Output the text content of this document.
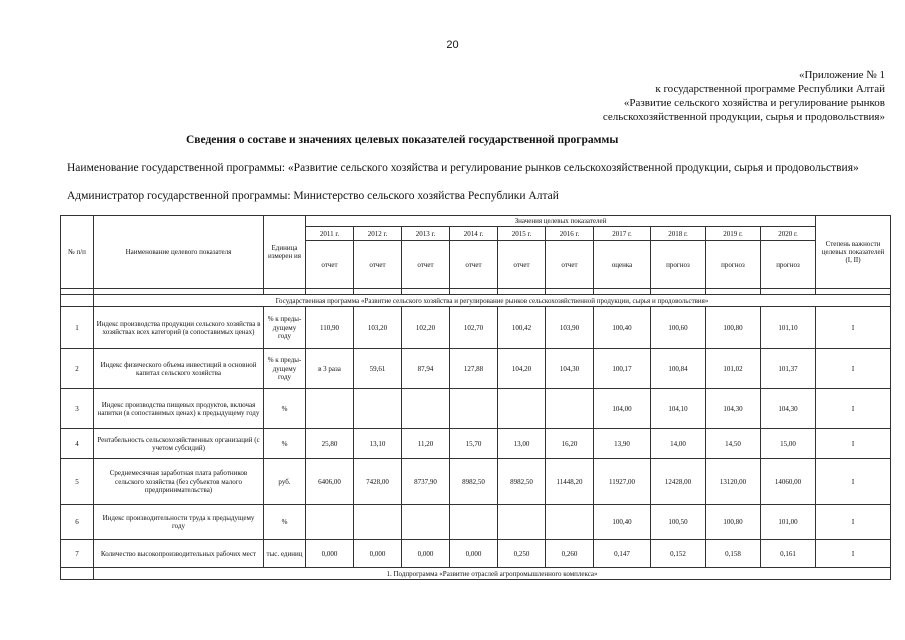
20
«Приложение № 1
к государственной программе Республики Алтай
«Развитие сельского хозяйства и регулирование рынков
сельскохозяйственной продукции, сырья и продовольствия»
Сведения о составе и значениях целевых показателей государственной программы
Наименование государственной программы: «Развитие сельского хозяйства и регулирование рынков сельскохозяйственной продукции, сырья и продовольствия»
Администратор государственной программы: Министерство сельского хозяйства Республики Алтай
№ п/п	Наименование целевого показателя	Единица измерен ия	Значения целевых показателей										Степень важности целевых показателей (I, II)
			2011 г.	2012 г.	2013 г.	2014 г.	2015 г.	2016 г.	2017 г.	2018 г.	2019 г.	2020 г.	
			отчет	отчет	отчет	отчет	отчет	отчет	оценка	прогноз	прогноз	прогноз	

	Государственная программа «Развитие сельского хозяйства и регулирование рынков сельскохозяйственной продукции, сырья и продовольствия»												
1	Индекс производства продукции сельского хозяйства в хозяйствах всех категорий (в сопоставимых ценах)	% к преды-дущему году	110,90	103,20	102,20	102,70	100,42	103,90	100,40	100,60	100,80	101,10	I
2	Индекс физического объема инвестиций в основной капитал сельского хозяйства	% к преды-дущему году	в 3 раза	59,61	87,94	127,88	104,20	104,30	100,17	100,84	101,02	101,37	I
3	Индекс производства пищевых продуктов, включая напитки (в сопоставимых ценах) к предыдущему году	%							104,00	104,10	104,30	104,30	I
4	Рентабельность сельскохозяйственных организаций (с учетом субсидий)	%	25,80	13,10	11,20	15,70	13,00	16,20	13,90	14,00	14,50	15,00	I
5	Среднемесячная заработная плата работников сельского хозяйства (без субъектов малого предпринимательства)	руб.	6406,00	7428,00	8737,90	8982,50	8982,50	11448,20	11927,00	12428,00	13120,00	14060,00	I
6	Индекс производительности труда к предыдущему году	%							100,40	100,50	100,80	101,00	I
7	Количество высокопроизводительных рабочих мест	тыс. единиц	0,000	0,000	0,000	0,000	0,250	0,260	0,147	0,152	0,158	0,161	I
	1. Подпрограмма «Развитие отраслей агропромышленного комплекса»												
